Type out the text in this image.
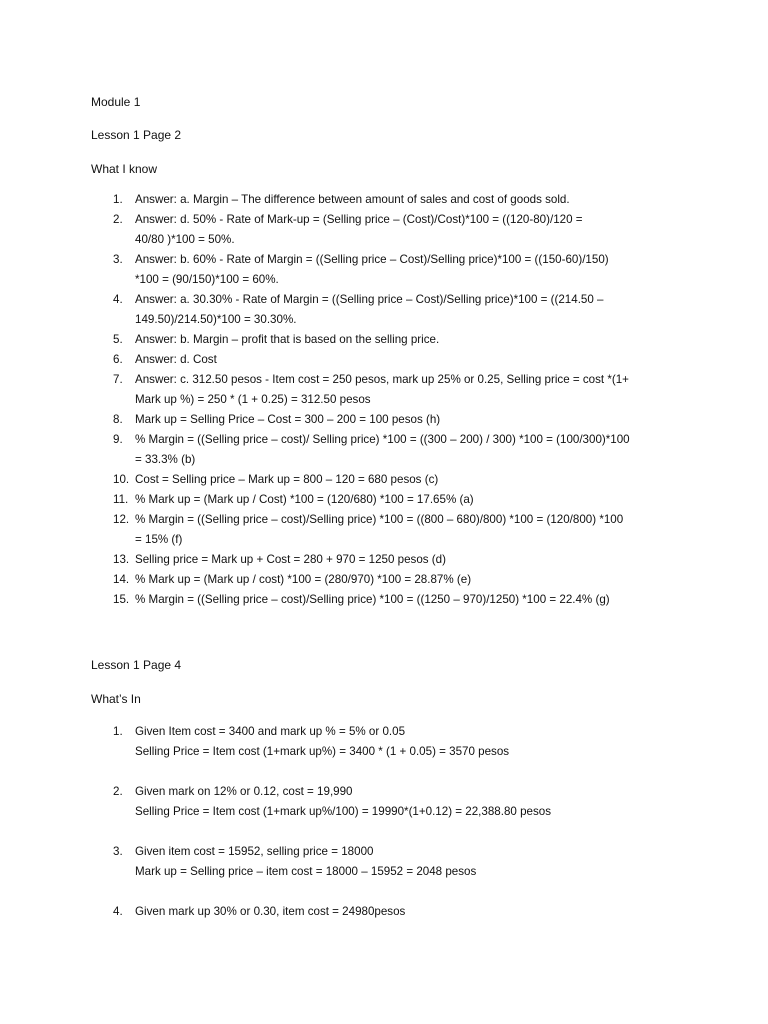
Module 1
Lesson 1 Page 2
What I know
1.	Answer: a. Margin – The difference between amount of sales and cost of goods sold.
2.	Answer: d. 50% - Rate of Mark-up = (Selling price – (Cost)/Cost)*100 = ((120-80)/120 =
40/80 )*100 = 50%.
3.	Answer: b. 60% - Rate of Margin = ((Selling price – Cost)/Selling price)*100 = ((150-60)/150)
*100 = (90/150)*100 = 60%.
4.	Answer: a. 30.30% - Rate of Margin = ((Selling price – Cost)/Selling price)*100 = ((214.50 –
149.50)/214.50)*100 = 30.30%.
5.	Answer: b. Margin – profit that is based on the selling price.
6.	Answer: d. Cost
7.	Answer: c. 312.50 pesos - Item cost = 250 pesos, mark up 25% or 0.25, Selling price = cost *(1+
Mark up %) = 250 * (1 + 0.25) = 312.50 pesos
8.	Mark up = Selling Price – Cost = 300 – 200 = 100 pesos (h)
9.	% Margin = ((Selling price – cost)/ Selling price) *100 = ((300 – 200) / 300) *100 = (100/300)*100
= 33.3% (b)
10. Cost = Selling price – Mark up = 800 – 120 = 680 pesos (c)
11. % Mark up = (Mark up / Cost) *100 = (120/680) *100 = 17.65% (a)
12. % Margin = ((Selling price – cost)/Selling price) *100 = ((800 – 680)/800) *100 = (120/800) *100
= 15% (f)
13. Selling price = Mark up + Cost = 280 + 970 = 1250 pesos (d)
14. % Mark up = (Mark up / cost) *100 = (280/970) *100 = 28.87% (e)
15. % Margin = ((Selling price – cost)/Selling price) *100 = ((1250 – 970)/1250) *100 = 22.4% (g)
Lesson 1 Page 4
What’s In
1.	Given Item cost = 3400 and mark up % = 5% or 0.05
Selling Price = Item cost (1+mark up%) = 3400 * (1 + 0.05) = 3570 pesos
2.	Given mark on 12% or 0.12, cost = 19,990
Selling Price = Item cost (1+mark up%/100) = 19990*(1+0.12) = 22,388.80 pesos
3.	Given item cost = 15952, selling price = 18000
Mark up = Selling price – item cost = 18000 – 15952 = 2048 pesos
4.	Given mark up 30% or 0.30, item cost = 24980pesos
